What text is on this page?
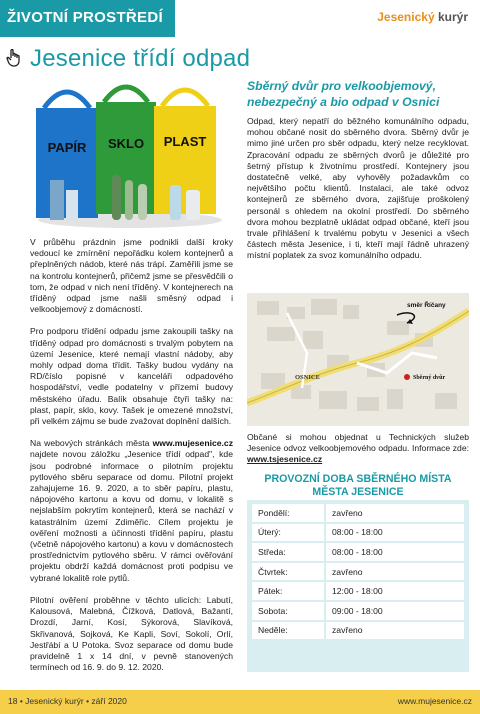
ŽIVOTNÍ PROSTŘEDÍ	Jesenický kurýr
Jesenice třídí odpad
PAPÍR SKLO PLAST

V průběhu prázdnin jsme podnikli další kroky vedoucí ke zmírnění nepořádku kolem kontejnerů a přeplněných nádob, které nás trápí. Zaměřili jsme se na kontrolu kontejnerů, přičemž jsme se přesvědčili o tom, že odpad v nich není tříděný. V kontejnerech na tříděný odpad jsme našli směsný odpad i velkoobjemový z domácností.

Pro podporu třídění odpadu jsme zakoupili tašky na tříděný odpad pro domácnosti s trvalým pobytem na území Jesenice, které nemají vlastní nádoby, aby mohly odpad doma třídit. Tašky budou vydány na RD/číslo popisné v kanceláři odpadového hospodářství, vedle podatelny v přízemí budovy městského úřadu. Balík obsahuje čtyři tašky na: plast, papír, sklo, kovy. Tašek je omezené množství, při velkém zájmu se bude zvažovat doplnění dalších.

Na webových stránkách města www.mujesenice.cz najdete novou záložku „Jesenice třídí odpad", kde jsou podrobné informace o pilotním projektu pytlového sběru separace od domu. Pilotní projekt zahajujeme 16. 9. 2020, a to sběr papíru, plastu, nápojového kartonu a kovu od domu, v lokalitě s nejslabším pokrytím kontejnerů, která se nachází v katastrálním území Zdiměřic. Cílem projektu je ověření možnosti a účinnosti třídění papíru, plastu (včetně nápojového kartonu) a kovu v domácnostech prostřednictvím pytlového sběru. V rámci ověřování projektu obdrží každá domácnost proti podpisu ve vybrané lokalitě role pytlů.

Pilotní ověření proběhne v těchto ulicích: Labutí, Kalousová, Malebná, Čížková, Datlová, Bažantí, Drozdí, Jarní, Kosí, Sýkorová, Slavíková, Skřivanová, Sojková, Ke Kapli, Soví, Sokolí, Orlí, Jestřábí a U Potoka. Svoz separace od domu bude pravidelně 1 x 14 dní, v pevně stanovených termínech od 16. 9. do 9. 12. 2020.

Sběrný dvůr pro velkoobjemový, nebezpečný a bio odpad v Osnici
Odpad, který nepatří do běžného komunálního odpadu, mohou občané nosit do sběrného dvora. Sběrný dvůr je mimo jiné určen pro sběr odpadu, který nelze recyklovat. Zpracování odpadu ze sběrných dvorů je důležité pro šetrný přístup k životnímu prostředí. Kontejnery jsou dostatečně velké, aby vyhověly požadavkům co největšího počtu klientů. Instalaci, ale také odvoz kontejnerů ze sběrného dvora, zajišťuje proškolený personál s ohledem na okolní prostředí. Do sběrného dvora mohou bezplatně ukládat odpad občané, kteří jsou trvale přihlášení k trvalému pobytu v Jesenici a všech částech města Jesenice, i ti, kteří mají řádně uhrazený místní poplatek za svoz komunálního odpadu.
směr Říčany
OSNICE	Sběrný dvůr
Občané si mohou objednat u Technických služeb Jesenice odvoz velkoobjemového odpadu. Informace zde: www.tsjesenice.cz
PROVOZNÍ DOBA SBĚRNÉHO MÍSTA MĚSTA JESENICE
Pondělí:	zavřeno
Úterý:	08:00 - 18:00
Středa:	08:00 - 18:00
Čtvrtek:	zavřeno
Pátek:	12:00 - 18:00
Sobota:	09:00 - 18:00
Neděle:	zavřeno
18 • Jesenický kurýr • září 2020	www.mujesenice.cz
